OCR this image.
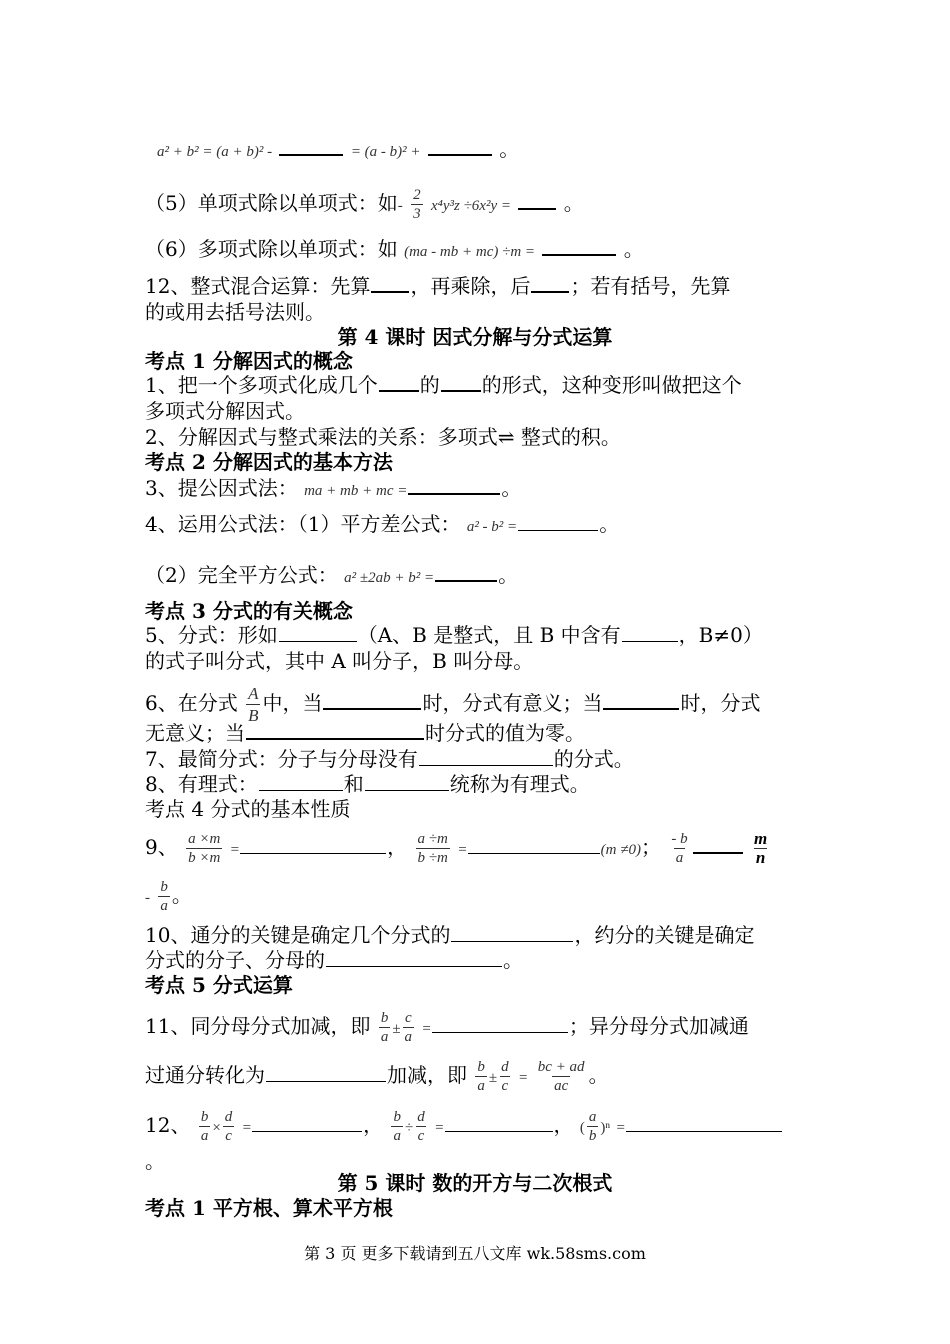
a² + b² = (a + b)² -	= (a - b)² +	。
（5）单项式除以单项式：如- $\frac{2}{3} x^4y^3z \div 6x^2y$ =	。
（6）多项式除以单项式：如 (ma - mb + mc) ÷m =	。
12、整式混合运算：先算 ，再乘除，后 ；若有括号，先算
的或用去括号法则。
第 4 课时 因式分解与分式运算
考点 1 分解因式的概念
1、把一个多项式化成几个 的 的形式，这种变形叫做把这个
多项式分解因式。
2、分解因式与整式乘法的关系：多项式⇌ 整式的积。
考点 2 分解因式的基本方法
3、提公因式法： ma + mb + mc =	。
4、运用公式法：（1）平方差公式： a² - b² =	。
（2）完全平方公式： a² ±2ab + b² =	。
考点 3 分式的有关概念
5、分式：形如	（A、B 是整式，且 B 中含有	，B≠0）
的式子叫分式，其中 A 叫分子，B 叫分母。
6、在分式 $\frac{A}{B}$ 中，当	时，分式有意义；当	时，分式
无意义；当	时分式的值为零。
7、最简分式：分子与分母没有	的分式。
8、有理式：	和	统称为有理式。
考点 4 分式的基本性质
9、 $\frac{a \times m}{b \times m}$ =	， $\frac{a \div m}{b \div m}$ =	(m ≠0)； $\frac{- b}{a}$
	$\frac{m}{n}$
- $\frac{b}{a}$ 。
10、通分的关键是确定几个分式的	，约分的关键是确定
分式的分子、分母的	。
考点 5 分式运算
11、同分母分式加减，即 $\frac{b}{a} \pm \frac{c}{a}$ =	；异分母分式加减通
过通分转化为	加减，即 $\frac{b}{a} \pm \frac{d}{c} = \frac{bc + ad}{ac}$ 。
12、 $\frac{b}{a} \times \frac{d}{c}$ =	， $\frac{b}{a} \div \frac{d}{c}$ =	， ( $\frac{a}{b} )^n$ =
。
第 5 课时 数的开方与二次根式
考点 1 平方根、算术平方根
第 3 页 更多下载请到五八文库 wk.58sms.com
